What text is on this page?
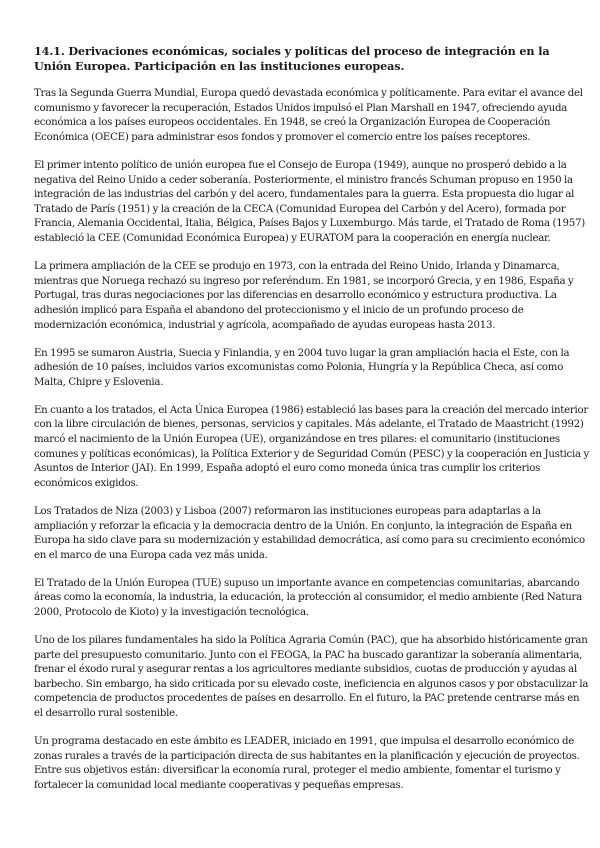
14.1. Derivaciones económicas, sociales y políticas del proceso de integración en la Unión Europea. Participación en las instituciones europeas.

Tras la Segunda Guerra Mundial, Europa quedó devastada económica y políticamente. Para evitar el avance del comunismo y favorecer la recuperación, Estados Unidos impulsó el Plan Marshall en 1947, ofreciendo ayuda económica a los países europeos occidentales. En 1948, se creó la Organización Europea de Cooperación Económica (OECE) para administrar esos fondos y promover el comercio entre los países receptores.

El primer intento político de unión europea fue el Consejo de Europa (1949), aunque no prosperó debido a la negativa del Reino Unido a ceder soberanía. Posteriormente, el ministro francés Schuman propuso en 1950 la integración de las industrias del carbón y del acero, fundamentales para la guerra. Esta propuesta dio lugar al Tratado de París (1951) y la creación de la CECA (Comunidad Europea del Carbón y del Acero), formada por Francia, Alemania Occidental, Italia, Bélgica, Países Bajos y Luxemburgo. Más tarde, el Tratado de Roma (1957) estableció la CEE (Comunidad Económica Europea) y EURATOM para la cooperación en energía nuclear.

La primera ampliación de la CEE se produjo en 1973, con la entrada del Reino Unido, Irlanda y Dinamarca, mientras que Noruega rechazó su ingreso por referéndum. En 1981, se incorporó Grecia, y en 1986, España y Portugal, tras duras negociaciones por las diferencias en desarrollo económico y estructura productiva. La adhesión implicó para España el abandono del proteccionismo y el inicio de un profundo proceso de modernización económica, industrial y agrícola, acompañado de ayudas europeas hasta 2013.

En 1995 se sumaron Austria, Suecia y Finlandia, y en 2004 tuvo lugar la gran ampliación hacia el Este, con la adhesión de 10 países, incluidos varios excomunistas como Polonia, Hungría y la República Checa, así como Malta, Chipre y Eslovenia.

En cuanto a los tratados, el Acta Única Europea (1986) estableció las bases para la creación del mercado interior con la libre circulación de bienes, personas, servicios y capitales. Más adelante, el Tratado de Maastricht (1992) marcó el nacimiento de la Unión Europea (UE), organizándose en tres pilares: el comunitario (instituciones comunes y políticas económicas), la Política Exterior y de Seguridad Común (PESC) y la cooperación en Justicia y Asuntos de Interior (JAI). En 1999, España adoptó el euro como moneda única tras cumplir los criterios económicos exigidos.

Los Tratados de Niza (2003) y Lisboa (2007) reformaron las instituciones europeas para adaptarlas a la ampliación y reforzar la eficacia y la democracia dentro de la Unión. En conjunto, la integración de España en Europa ha sido clave para su modernización y estabilidad democrática, así como para su crecimiento económico en el marco de una Europa cada vez más unida.

El Tratado de la Unión Europea (TUE) supuso un importante avance en competencias comunitarias, abarcando áreas como la economía, la industria, la educación, la protección al consumidor, el medio ambiente (Red Natura 2000, Protocolo de Kioto) y la investigación tecnológica.

Uno de los pilares fundamentales ha sido la Política Agraria Común (PAC), que ha absorbido históricamente gran parte del presupuesto comunitario. Junto con el FEOGA, la PAC ha buscado garantizar la soberanía alimentaria, frenar el éxodo rural y asegurar rentas a los agricultores mediante subsidios, cuotas de producción y ayudas al barbecho. Sin embargo, ha sido criticada por su elevado coste, ineficiencia en algunos casos y por obstaculizar la competencia de productos procedentes de países en desarrollo. En el futuro, la PAC pretende centrarse más en el desarrollo rural sostenible.

Un programa destacado en este ámbito es LEADER, iniciado en 1991, que impulsa el desarrollo económico de zonas rurales a través de la participación directa de sus habitantes en la planificación y ejecución de proyectos. Entre sus objetivos están: diversificar la economía rural, proteger el medio ambiente, fomentar el turismo y fortalecer la comunidad local mediante cooperativas y pequeñas empresas.
